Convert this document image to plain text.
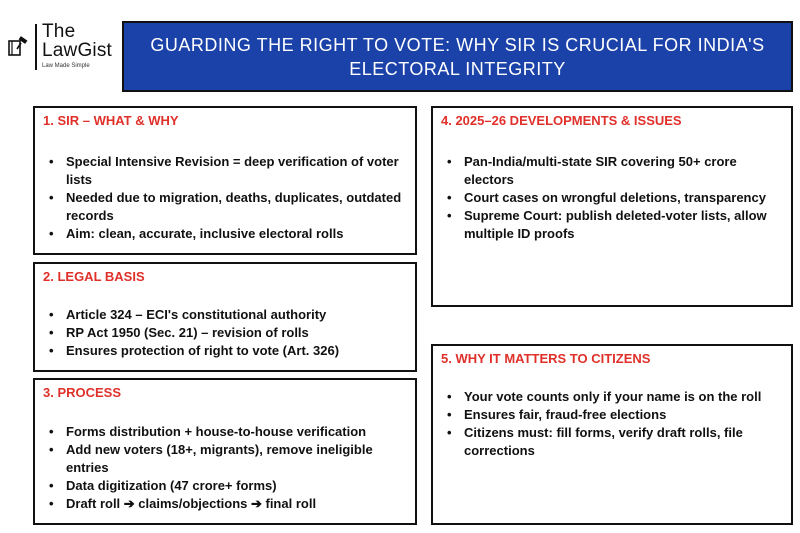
The
LawGist
Law Made Simple
GUARDING THE RIGHT TO VOTE: WHY SIR IS CRUCIAL FOR INDIA'S ELECTORAL INTEGRITY
1. SIR – WHAT & WHY
• Special Intensive Revision = deep verification of voter lists
• Needed due to migration, deaths, duplicates, outdated records
• Aim: clean, accurate, inclusive electoral rolls
2. LEGAL BASIS
• Article 324 – ECI's constitutional authority
• RP Act 1950 (Sec. 21) – revision of rolls
• Ensures protection of right to vote (Art. 326)
3. PROCESS
• Forms distribution + house-to-house verification
• Add new voters (18+, migrants), remove ineligible entries
• Data digitization (47 crore+ forms)
• Draft roll ➔ claims/objections ➔ final roll
4. 2025–26 DEVELOPMENTS & ISSUES
• Pan-India/multi-state SIR covering 50+ crore electors
• Court cases on wrongful deletions, transparency
• Supreme Court: publish deleted-voter lists, allow multiple ID proofs
5. WHY IT MATTERS TO CITIZENS
• Your vote counts only if your name is on the roll
• Ensures fair, fraud-free elections
• Citizens must: fill forms, verify draft rolls, file corrections
